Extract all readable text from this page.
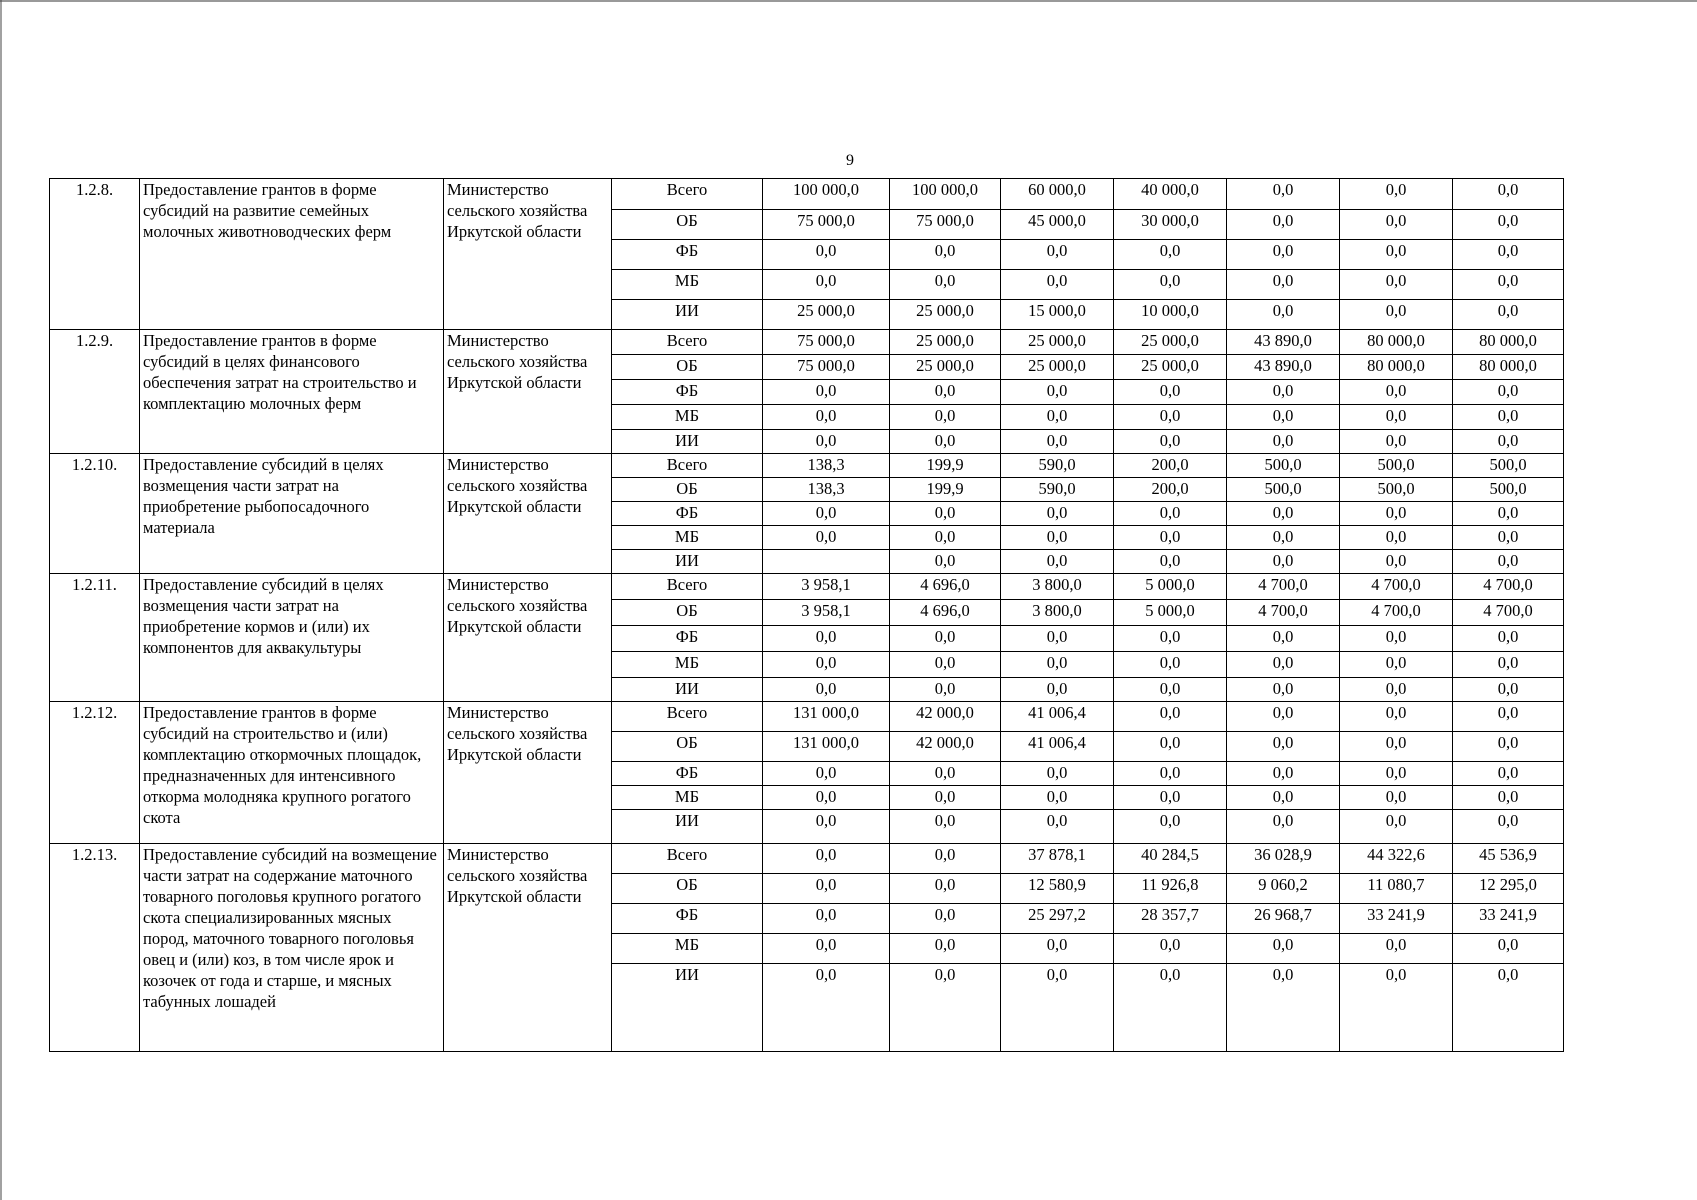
9
1.2.8.	Предоставление грантов в форме субсидий на развитие семейных молочных животноводческих ферм	Министерство сельского хозяйства Иркутской области	Всего	100 000,0	100 000,0	60 000,0	40 000,0	0,0	0,0	0,0
			ОБ	75 000,0	75 000,0	45 000,0	30 000,0	0,0	0,0	0,0
			ФБ	0,0	0,0	0,0	0,0	0,0	0,0	0,0
			МБ	0,0	0,0	0,0	0,0	0,0	0,0	0,0
			ИИ	25 000,0	25 000,0	15 000,0	10 000,0	0,0	0,0	0,0
1.2.9.	Предоставление грантов в форме субсидий в целях финансового обеспечения затрат на строительство и комплектацию молочных ферм	Министерство сельского хозяйства Иркутской области	Всего	75 000,0	25 000,0	25 000,0	25 000,0	43 890,0	80 000,0	80 000,0
			ОБ	75 000,0	25 000,0	25 000,0	25 000,0	43 890,0	80 000,0	80 000,0
			ФБ	0,0	0,0	0,0	0,0	0,0	0,0	0,0
			МБ	0,0	0,0	0,0	0,0	0,0	0,0	0,0
			ИИ	0,0	0,0	0,0	0,0	0,0	0,0	0,0
1.2.10.	Предоставление субсидий в целях возмещения части затрат на приобретение рыбопосадочного материала	Министерство сельского хозяйства Иркутской области	Всего	138,3	199,9	590,0	200,0	500,0	500,0	500,0
			ОБ	138,3	199,9	590,0	200,0	500,0	500,0	500,0
			ФБ	0,0	0,0	0,0	0,0	0,0	0,0	0,0
			МБ	0,0	0,0	0,0	0,0	0,0	0,0	0,0
			ИИ		0,0	0,0	0,0	0,0	0,0	0,0
1.2.11.	Предоставление субсидий в целях возмещения части затрат на приобретение кормов и (или) их компонентов для аквакультуры	Министерство сельского хозяйства Иркутской области	Всего	3 958,1	4 696,0	3 800,0	5 000,0	4 700,0	4 700,0	4 700,0
			ОБ	3 958,1	4 696,0	3 800,0	5 000,0	4 700,0	4 700,0	4 700,0
			ФБ	0,0	0,0	0,0	0,0	0,0	0,0	0,0
			МБ	0,0	0,0	0,0	0,0	0,0	0,0	0,0
			ИИ	0,0	0,0	0,0	0,0	0,0	0,0	0,0
1.2.12.	Предоставление грантов в форме субсидий на строительство и (или) комплектацию откормочных площадок, предназначенных для интенсивного откорма молодняка крупного рогатого скота	Министерство сельского хозяйства Иркутской области	Всего	131 000,0	42 000,0	41 006,4	0,0	0,0	0,0	0,0
			ОБ	131 000,0	42 000,0	41 006,4	0,0	0,0	0,0	0,0
			ФБ	0,0	0,0	0,0	0,0	0,0	0,0	0,0
			МБ	0,0	0,0	0,0	0,0	0,0	0,0	0,0
			ИИ	0,0	0,0	0,0	0,0	0,0	0,0	0,0
1.2.13.	Предоставление субсидий на возмещение части затрат на содержание маточного товарного поголовья крупного рогатого скота специализированных мясных пород, маточного товарного поголовья овец и (или) коз, в том числе ярок и козочек от года и старше, и мясных табунных лошадей	Министерство сельского хозяйства Иркутской области	Всего	0,0	0,0	37 878,1	40 284,5	36 028,9	44 322,6	45 536,9
			ОБ	0,0	0,0	12 580,9	11 926,8	9 060,2	11 080,7	12 295,0
			ФБ	0,0	0,0	25 297,2	28 357,7	26 968,7	33 241,9	33 241,9
			МБ	0,0	0,0	0,0	0,0	0,0	0,0	0,0
			ИИ	0,0	0,0	0,0	0,0	0,0	0,0	0,0
